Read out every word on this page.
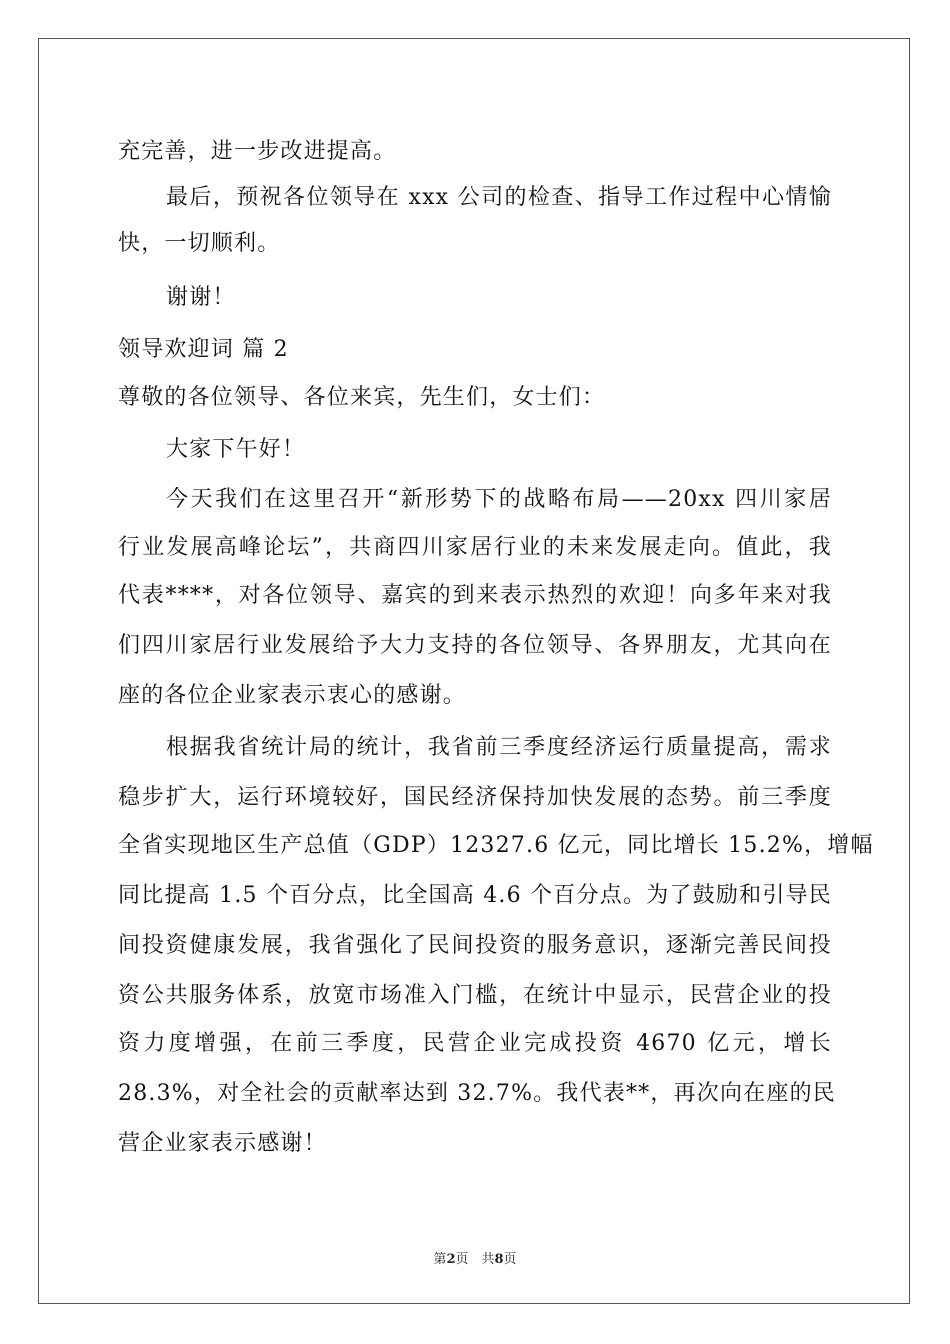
充完善，进一步改进提高。
最后，预祝各位领导在 xxx 公司的检查、指导工作过程中心情愉
快，一切顺利。
谢谢！
领导欢迎词 篇 2
尊敬的各位领导、各位来宾，先生们，女士们：
大家下午好！
今天我们在这里召开“新形势下的战略布局——20xx 四川家居
行业发展高峰论坛”，共商四川家居行业的未来发展走向。值此，我
代表****，对各位领导、嘉宾的到来表示热烈的欢迎！向多年来对我
们四川家居行业发展给予大力支持的各位领导、各界朋友，尤其向在
座的各位企业家表示衷心的感谢。
根据我省统计局的统计，我省前三季度经济运行质量提高，需求
稳步扩大，运行环境较好，国民经济保持加快发展的态势。前三季度
全省实现地区生产总值（GDP）12327.6 亿元，同比增长 15.2%，增幅
同比提高 1.5 个百分点，比全国高 4.6 个百分点。为了鼓励和引导民
间投资健康发展，我省强化了民间投资的服务意识，逐渐完善民间投
资公共服务体系，放宽市场准入门槛，在统计中显示，民营企业的投
资力度增强，在前三季度，民营企业完成投资 4670 亿元，增长
28.3%，对全社会的贡献率达到 32.7%。我代表**，再次向在座的民
营企业家表示感谢！
第2页　共8页
